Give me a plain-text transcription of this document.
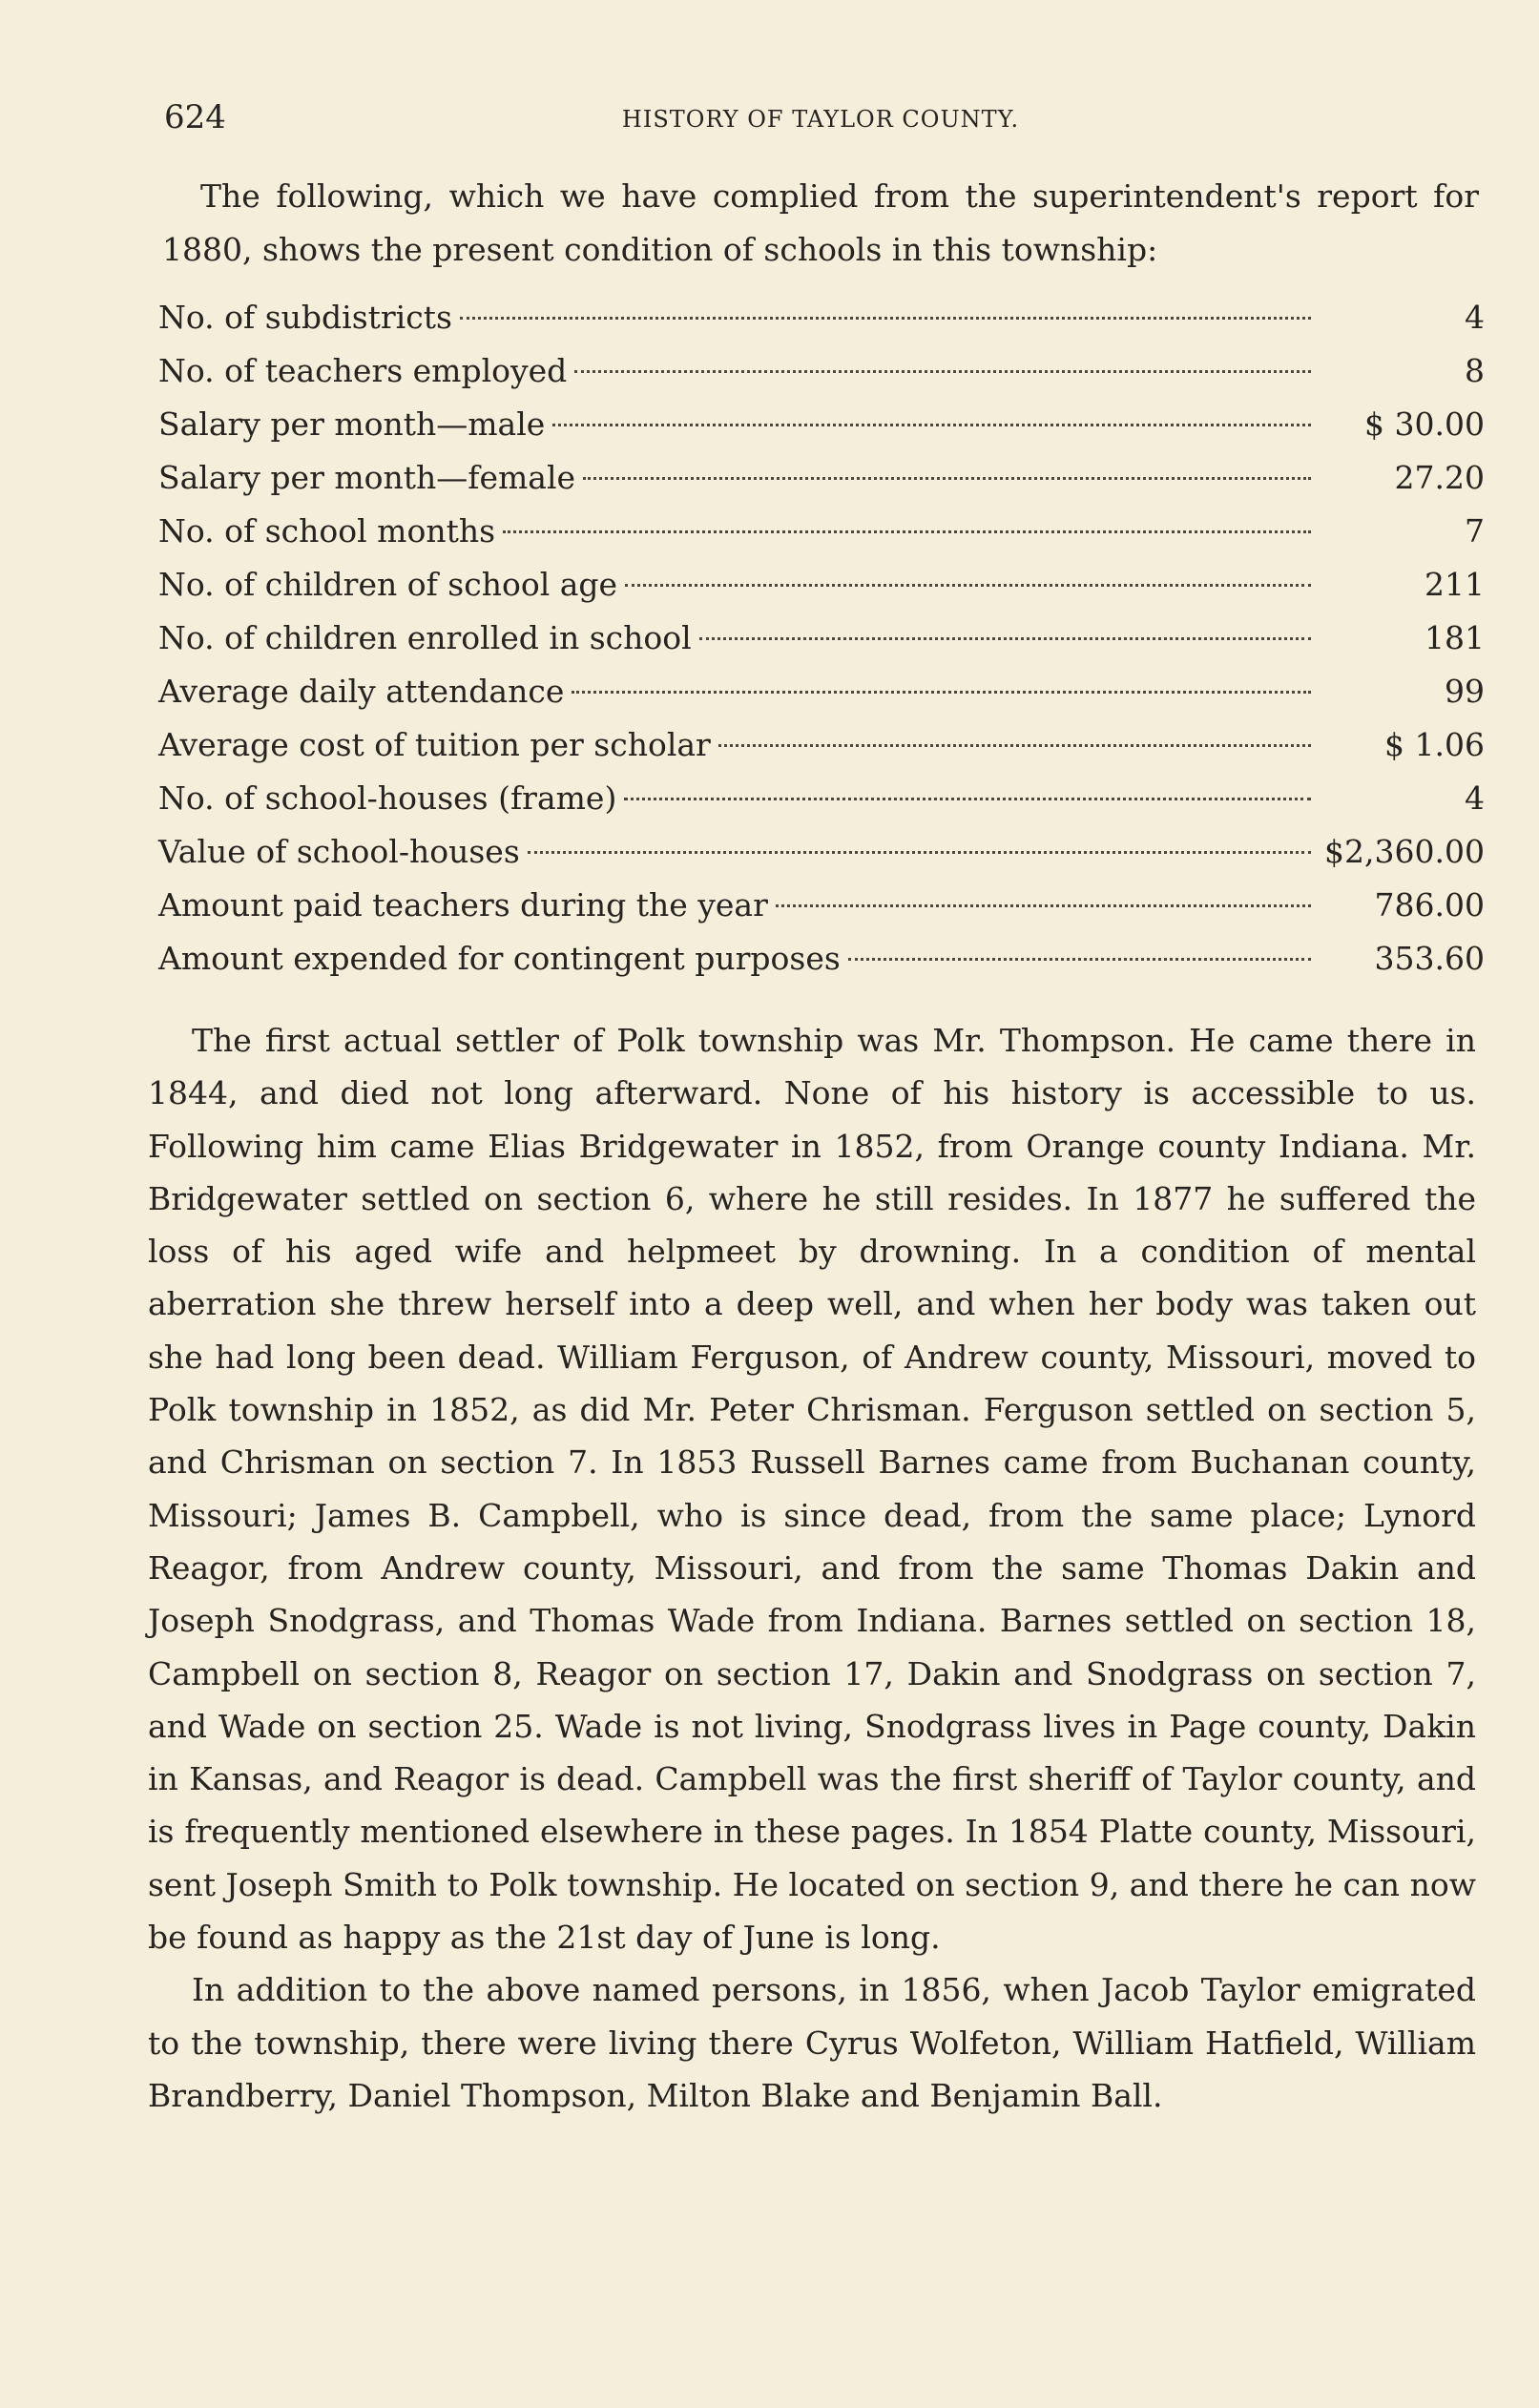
624	HISTORY OF TAYLOR COUNTY.

The following, which we have complied from the superintendent's report for 1880, shows the present condition of schools in this township:

No. of subdistricts	4
No. of teachers employed	8
Salary per month—male	$ 30.00
Salary per month—female	27.20
No. of school months	7
No. of children of school age	211
No. of children enrolled in school	181
Average daily attendance	99
Average cost of tuition per scholar	$ 1.06
No. of school-houses (frame)	4
Value of school-houses	$2,360.00
Amount paid teachers during the year	786.00
Amount expended for contingent purposes	353.60

The first actual settler of Polk township was Mr. Thompson. He came there in 1844, and died not long afterward. None of his history is accessible to us. Following him came Elias Bridgewater in 1852, from Orange county Indiana. Mr. Bridgewater settled on section 6, where he still resides. In 1877 he suffered the loss of his aged wife and helpmeet by drowning. In a condition of mental aberration she threw herself into a deep well, and when her body was taken out she had long been dead. William Ferguson, of Andrew county, Missouri, moved to Polk township in 1852, as did Mr. Peter Chrisman. Ferguson settled on section 5, and Chrisman on section 7. In 1853 Russell Barnes came from Buchanan county, Missouri; James B. Campbell, who is since dead, from the same place; Lynord Reagor, from Andrew county, Missouri, and from the same Thomas Dakin and Joseph Snodgrass, and Thomas Wade from Indiana. Barnes settled on section 18, Campbell on section 8, Reagor on section 17, Dakin and Snodgrass on section 7, and Wade on section 25. Wade is not living, Snodgrass lives in Page county, Dakin in Kansas, and Reagor is dead. Campbell was the first sheriff of Taylor county, and is frequently mentioned elsewhere in these pages. In 1854 Platte county, Missouri, sent Joseph Smith to Polk township. He located on section 9, and there he can now be found as happy as the 21st day of June is long.

In addition to the above named persons, in 1856, when Jacob Taylor emigrated to the township, there were living there Cyrus Wolfeton, William Hatfield, William Brandberry, Daniel Thompson, Milton Blake and Benjamin Ball.
